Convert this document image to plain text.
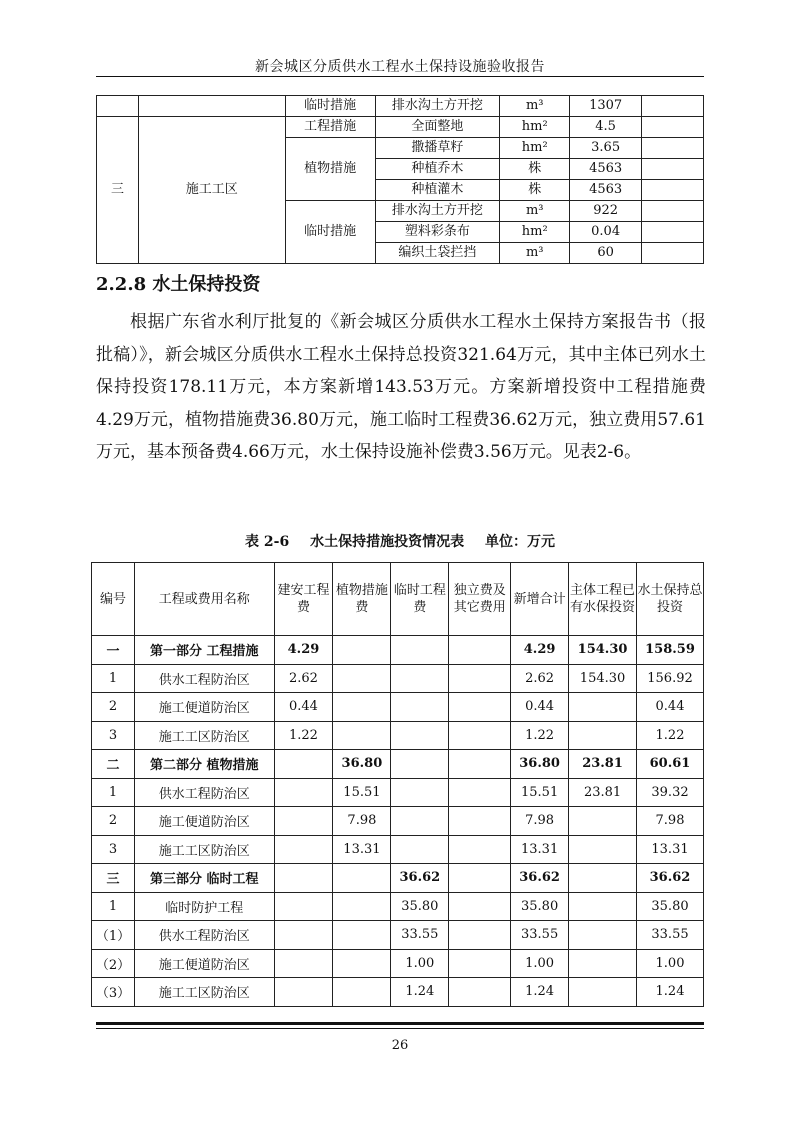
新会城区分质供水工程水土保持设施验收报告
		临时措施	排水沟土方开挖	m³	1307	
三	施工工区	工程措施	全面整地	hm²	4.5	
		植物措施	撒播草籽	hm²	3.65	
			种植乔木	株	4563	
			种植灌木	株	4563	
		临时措施	排水沟土方开挖	m³	922	
			塑料彩条布	hm²	0.04	
			编织土袋拦挡	m³	60	
2.2.8 水土保持投资
根据广东省水利厅批复的《新会城区分质供水工程水土保持方案报告书（报批稿）》，新会城区分质供水工程水土保持总投资321.64万元，其中主体已列水土保持投资178.11万元，本方案新增143.53万元。方案新增投资中工程措施费4.29万元，植物措施费36.80万元，施工临时工程费36.62万元，独立费用57.61万元，基本预备费4.66万元，水土保持设施补偿费3.56万元。见表2-6。
表 2-6 水土保持措施投资情况表 单位：万元
编号	工程或费用名称	建安工程费	植物措施费	临时工程费	独立费及其它费用	新增合计	主体工程已有水保投资	水土保持总投资
一	第一部分 工程措施	4.29				4.29	154.30	158.59
1	供水工程防治区	2.62				2.62	154.30	156.92
2	施工便道防治区	0.44				0.44		0.44
3	施工工区防治区	1.22				1.22		1.22
二	第二部分 植物措施		36.80			36.80	23.81	60.61
1	供水工程防治区		15.51			15.51	23.81	39.32
2	施工便道防治区		7.98			7.98		7.98
3	施工工区防治区		13.31			13.31		13.31
三	第三部分 临时工程			36.62		36.62		36.62
1	临时防护工程			35.80		35.80		35.80
（1）	供水工程防治区			33.55		33.55		33.55
（2）	施工便道防治区			1.00		1.00		1.00
（3）	施工工区防治区			1.24		1.24		1.24
26
